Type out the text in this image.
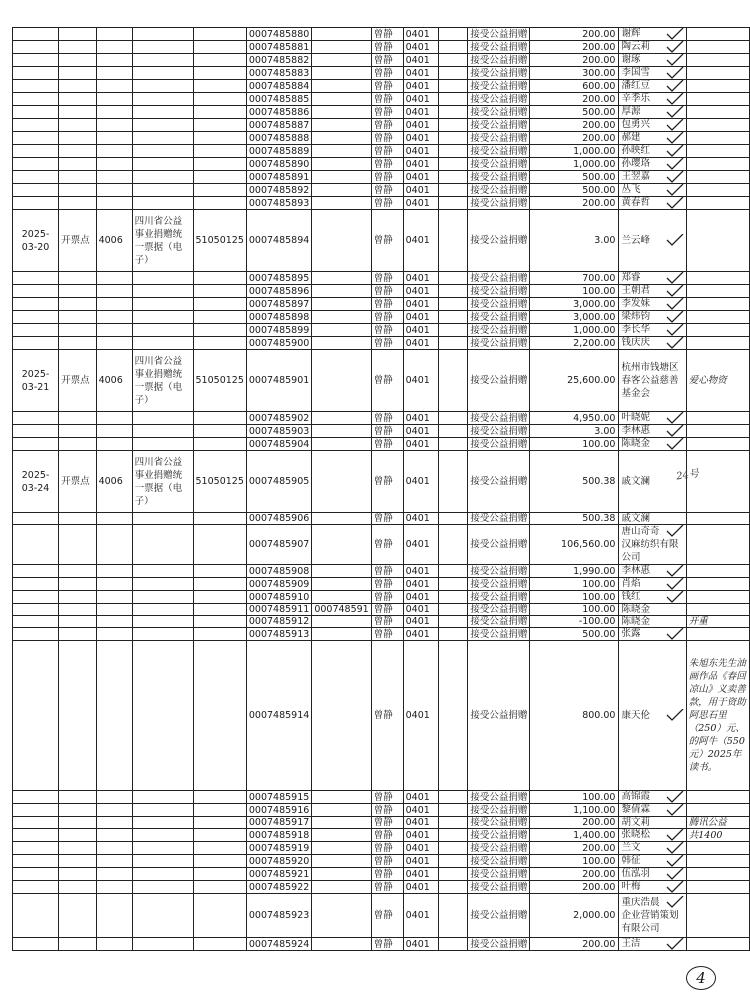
					0007485880		曾静	0401		接受公益捐赠	200.00	谢辉	
					0007485881		曾静	0401		接受公益捐赠	200.00	陶云莉	
					0007485882		曾静	0401		接受公益捐赠	200.00	谢琢	
					0007485883		曾静	0401		接受公益捐赠	300.00	李国雪	
					0007485884		曾静	0401		接受公益捐赠	600.00	潘红豆	
					0007485885		曾静	0401		接受公益捐赠	200.00	辛季乐	
					0007485886		曾静	0401		接受公益捐赠	500.00	厚源	
					0007485887		曾静	0401		接受公益捐赠	200.00	包勇兴	
					0007485888		曾静	0401		接受公益捐赠	200.00	郝建	
					0007485889		曾静	0401		接受公益捐赠	1,000.00	孙映红	
					0007485890		曾静	0401		接受公益捐赠	1,000.00	孙璎珞	
					0007485891		曾静	0401		接受公益捐赠	500.00	王翌嘉	
					0007485892		曾静	0401		接受公益捐赠	500.00	丛飞	
					0007485893		曾静	0401		接受公益捐赠	200.00	黄春哲	
2025-03-20	开票点	4006	四川省公益事业捐赠统一票据（电子）	51050125	0007485894		曾静	0401		接受公益捐赠	3.00	兰云峰	
					0007485895		曾静	0401		接受公益捐赠	700.00	郑睿	
					0007485896		曾静	0401		接受公益捐赠	100.00	王朝君	
					0007485897		曾静	0401		接受公益捐赠	3,000.00	李发妹	
					0007485898		曾静	0401		接受公益捐赠	3,000.00	梁炜钧	
					0007485899		曾静	0401		接受公益捐赠	1,000.00	李长华	
					0007485900		曾静	0401		接受公益捐赠	2,200.00	钱庆庆	
2025-03-21	开票点	4006	四川省公益事业捐赠统一票据（电子）	51050125	0007485901		曾静	0401		接受公益捐赠	25,600.00	杭州市钱塘区春客公益慈善基金会	爱心物资
					0007485902		曾静	0401		接受公益捐赠	4,950.00	叶晓妮	
					0007485903		曾静	0401		接受公益捐赠	3.00	李林惠	
					0007485904		曾静	0401		接受公益捐赠	100.00	陈晓金	
2025-03-24	开票点	4006	四川省公益事业捐赠统一票据（电子）	51050125	0007485905		曾静	0401		接受公益捐赠	500.38	戚文澜	
					0007485906		曾静	0401		接受公益捐赠	500.38	戚文澜	
					0007485907		曾静	0401		接受公益捐赠	106,560.00	唐山奇奇汉麻纺织有限公司	
					0007485908		曾静	0401		接受公益捐赠	1,990.00	李林惠	
					0007485909		曾静	0401		接受公益捐赠	100.00	肖焰	
					0007485910		曾静	0401		接受公益捐赠	100.00	钱红	
					0007485911	000748591	曾静	0401		接受公益捐赠	100.00	陈晓金	
					0007485912		曾静	0401		接受公益捐赠	-100.00	陈晓金	开重
					0007485913		曾静	0401		接受公益捐赠	500.00	张露	
					0007485914		曾静	0401		接受公益捐赠	800.00	康天伦	朱旭东先生油画作品《春回凉山》义卖善款，用于资助阿思石里（250）元、的阿牛（550元）2025年读书。
					0007485915		曾静	0401		接受公益捐赠	100.00	高锦霞	
					0007485916		曾静	0401		接受公益捐赠	1,100.00	黎倩霖	
					0007485917		曾静	0401		接受公益捐赠	200.00	胡文莉	腾讯公益
					0007485918		曾静	0401		接受公益捐赠	1,400.00	张晓松	共1400
					0007485919		曾静	0401		接受公益捐赠	200.00	兰文	
					0007485920		曾静	0401		接受公益捐赠	100.00	韩征	
					0007485921		曾静	0401		接受公益捐赠	200.00	伍泓羽	
					0007485922		曾静	0401		接受公益捐赠	200.00	叶梅	
					0007485923		曾静	0401		接受公益捐赠	2,000.00	重庆浩晨企业营销策划有限公司	
					0007485924		曾静	0401		接受公益捐赠	200.00	王洁	
24号
4
